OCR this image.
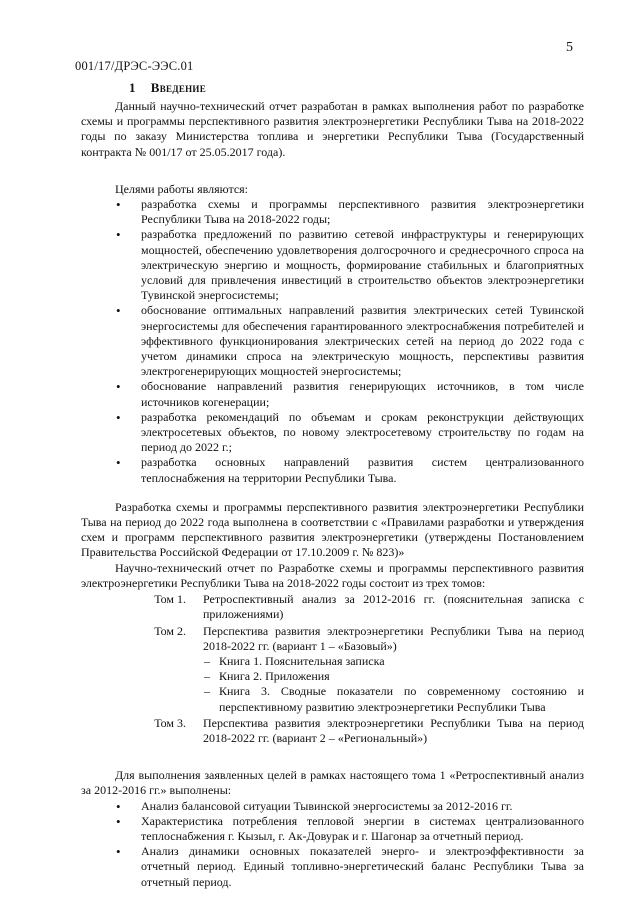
5
001/17/ДРЭС-ЭЭС.01
1 Введение

Данный научно-технический отчет разработан в рамках выполнения работ по разработке схемы и программы перспективного развития электроэнергетики Республики Тыва на 2018-2022 годы по заказу Министерства топлива и энергетики Республики Тыва (Государственный контракта № 001/17 от 25.05.2017 года).

Целями работы являются:

• разработка схемы и программы перспективного развития электроэнергетики Республики Тыва на 2018-2022 годы;
• разработка предложений по развитию сетевой инфраструктуры и генерирующих мощностей, обеспечению удовлетворения долгосрочного и среднесрочного спроса на электрическую энергию и мощность, формирование стабильных и благоприятных условий для привлечения инвестиций в строительство объектов электроэнергетики Тувинской энергосистемы;
• обоснование оптимальных направлений развития электрических сетей Тувинской энергосистемы для обеспечения гарантированного электроснабжения потребителей и эффективного функционирования электрических сетей на период до 2022 года с учетом динамики спроса на электрическую мощность, перспективы развития электрогенерирующих мощностей энергосистемы;
• обоснование направлений развития генерирующих источников, в том числе источников когенерации;
• разработка рекомендаций по объемам и срокам реконструкции действующих электросетевых объектов, по новому электросетевому строительству по годам на период до 2022 г.;
• разработка основных направлений развития систем централизованного теплоснабжения на территории Республики Тыва.

Разработка схемы и программы перспективного развития электроэнергетики Республики Тыва на период до 2022 года выполнена в соответствии с «Правилами разработки и утверждения схем и программ перспективного развития электроэнергетики (утверждены Постановлением Правительства Российской Федерации от 17.10.2009 г. № 823)»

Научно-технический отчет по Разработке схемы и программы перспективного развития электроэнергетики Республики Тыва на 2018-2022 годы состоит из трех томов:

Том 1.	Ретроспективный анализ за 2012-2016 гг. (пояснительная записка с приложениями)
Том 2.	Перспектива развития электроэнергетики Республики Тыва на период 2018-2022 гг. (вариант 1 – «Базовый»)
– Книга 1. Пояснительная записка
– Книга 2. Приложения
– Книга 3. Сводные показатели по современному состоянию и перспективному развитию электроэнергетики Республики Тыва
Том 3.	Перспектива развития электроэнергетики Республики Тыва на период 2018-2022 гг. (вариант 2 – «Региональный»)

Для выполнения заявленных целей в рамках настоящего тома 1 «Ретроспективный анализ за 2012-2016 гг.» выполнены:

• Анализ балансовой ситуации Тывинской энергосистемы за 2012-2016 гг.
• Характеристика потребления тепловой энергии в системах централизованного теплоснабжения г. Кызыл, г. Ак-Довурак и г. Шагонар за отчетный период.
• Анализ динамики основных показателей энерго- и электроэффективности за отчетный период. Единый топливно-энергетический баланс Республики Тыва за отчетный период.
